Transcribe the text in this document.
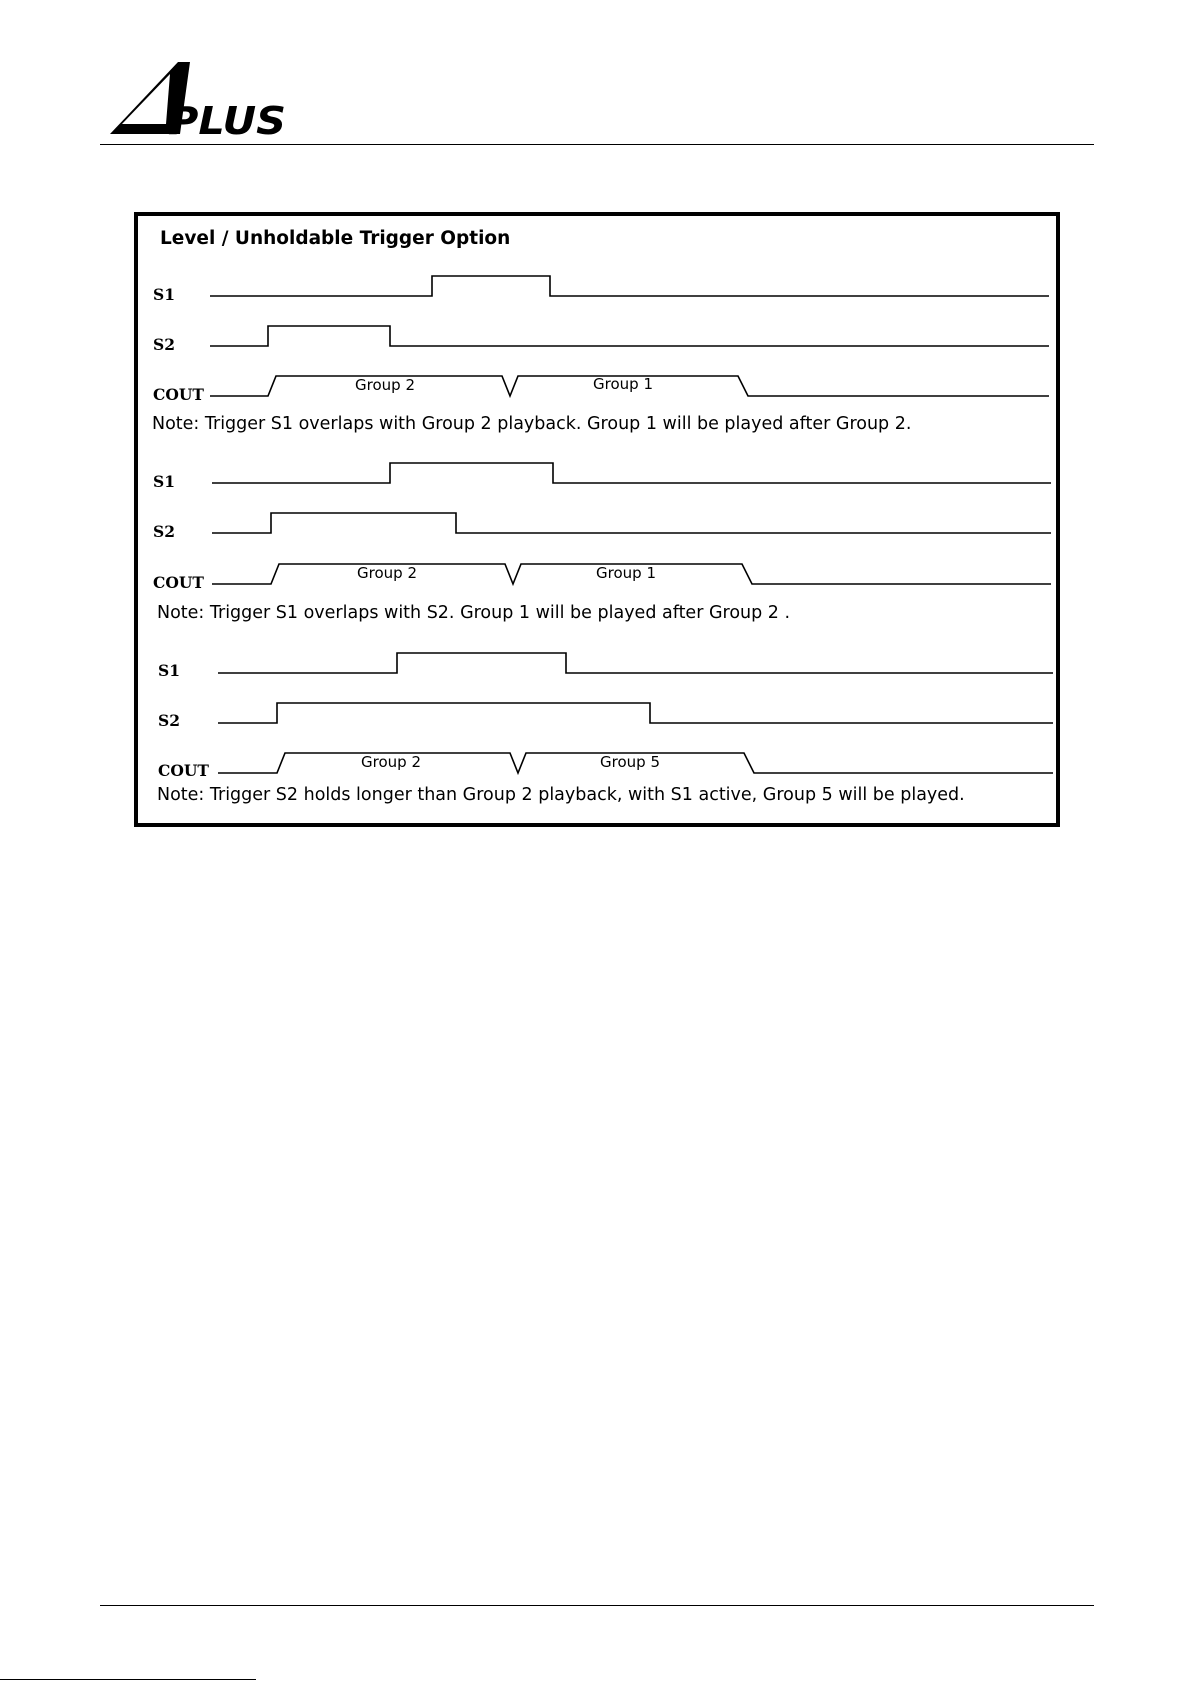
PLUS
Level / Unholdable Trigger Option
S1
S2
COUT	Group 2	Group 1
Note: Trigger S1 overlaps with Group 2 playback. Group 1 will be played after Group 2.
S1
S2
COUT	Group 2	Group 1
Note: Trigger S1 overlaps with S2. Group 1 will be played after Group 2 .
S1
S2
COUT	Group 2	Group 5
Note: Trigger S2 holds longer than Group 2 playback, with S1 active, Group 5 will be played.
